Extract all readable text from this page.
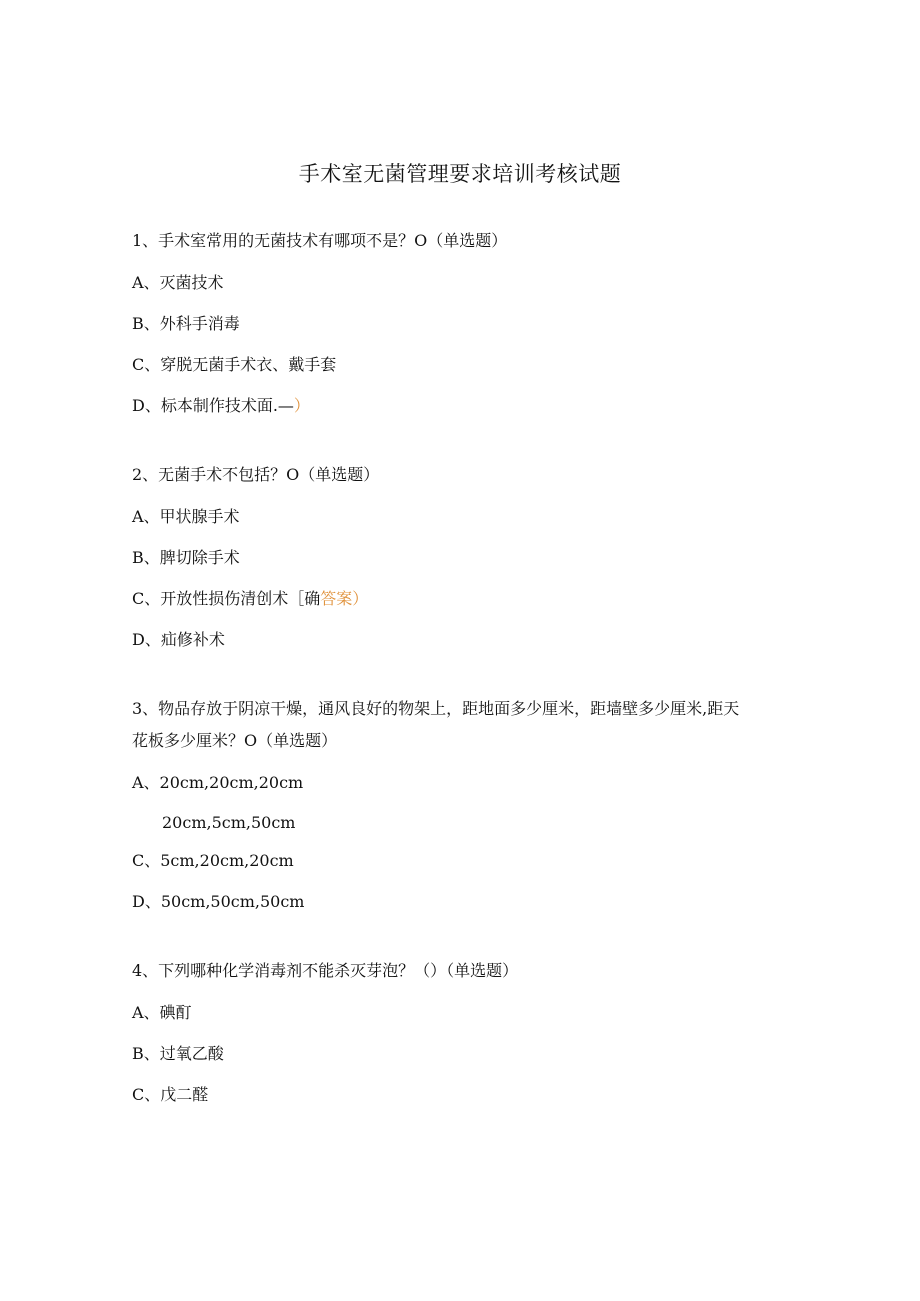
手术室无菌管理要求培训考核试题
1、手术室常用的无菌技术有哪项不是？O（单选题）
A、灭菌技术
B、外科手消毒
C、穿脱无菌手术衣、戴手套
D、标本制作技术面.—）
2、无菌手术不包括？O（单选题）
A、甲状腺手术
B、脾切除手术
C、开放性损伤清创术［确答案）
D、疝修补术
3、物品存放于阴凉干燥，通风良好的物架上，距地面多少厘米，距墙壁多少厘米,距天
花板多少厘米？O（单选题）
A、20cm,20cm,20cm
20cm,5cm,50cm
C、5cm,20cm,20cm
D、50cm,50cm,50cm
4、下列哪种化学消毒剂不能杀灭芽泡？（）（单选题）
A、碘酊
B、过氧乙酸
C、戊二醛
